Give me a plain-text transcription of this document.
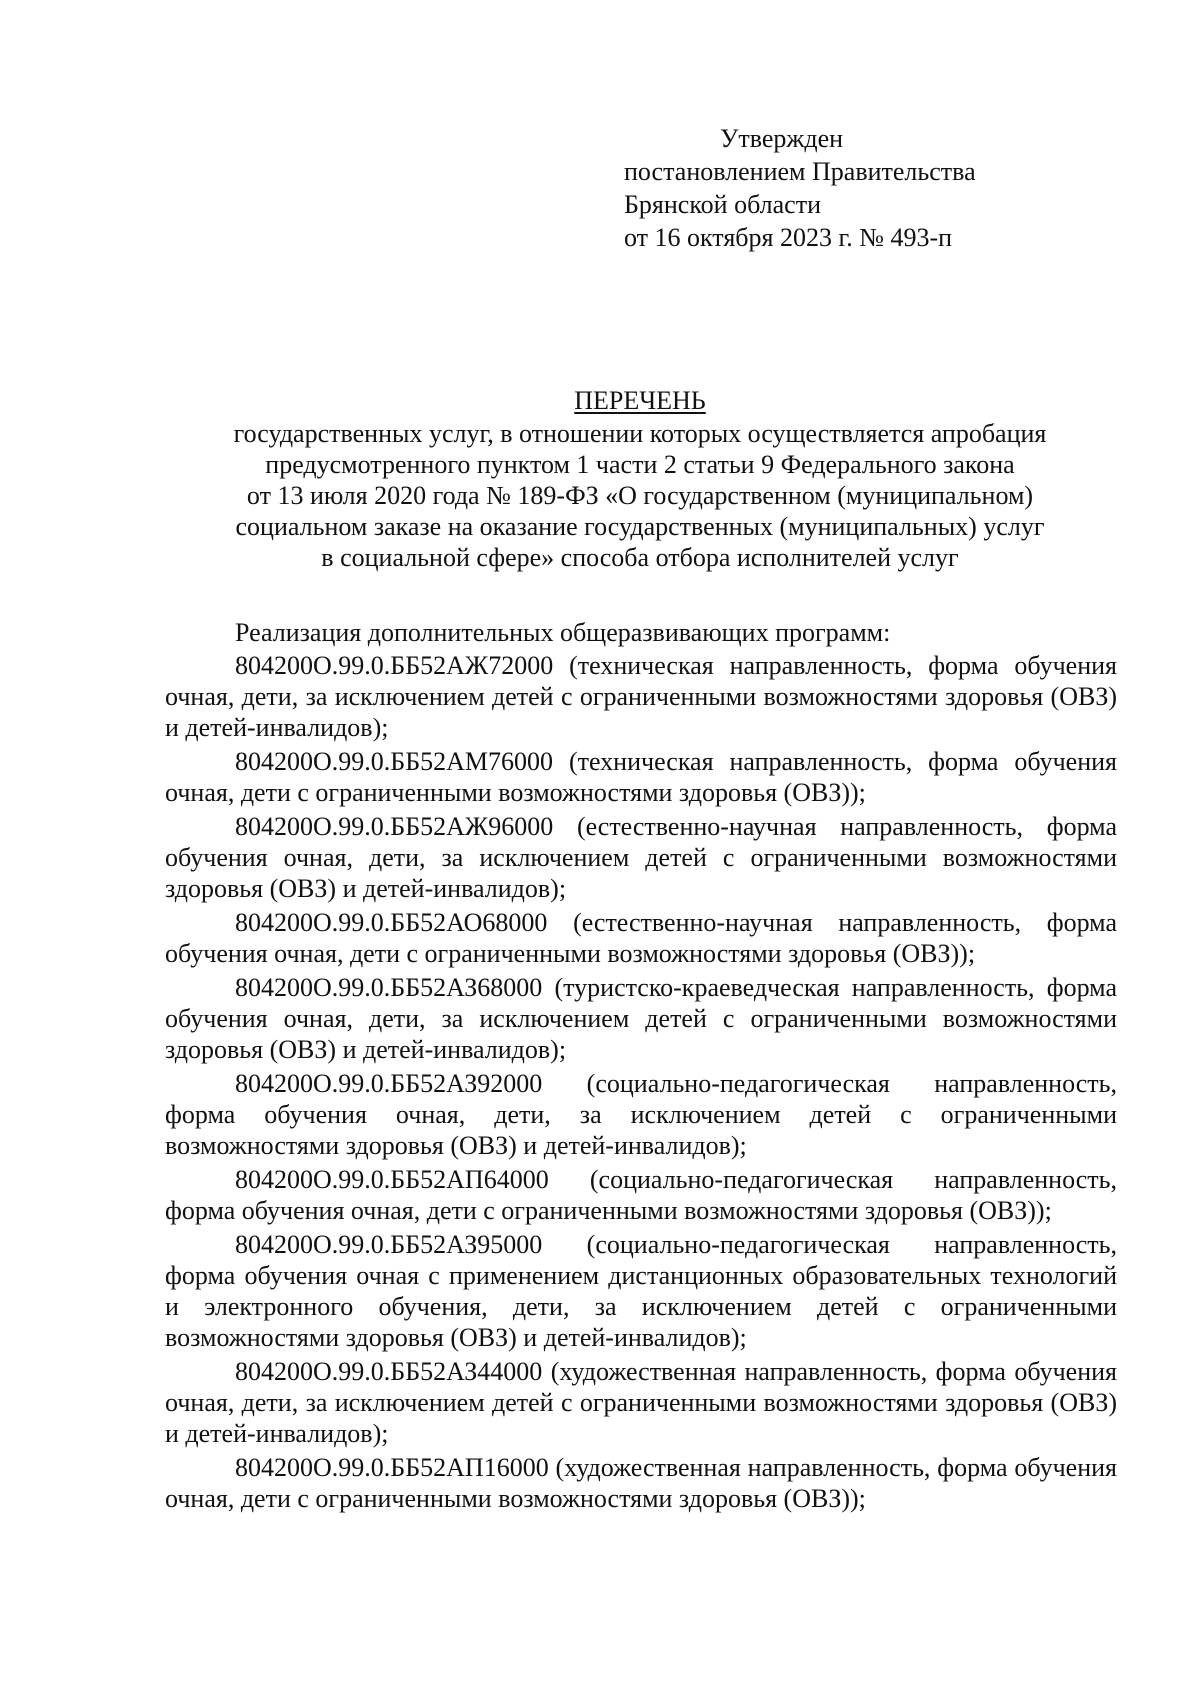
Утвержден
постановлением Правительства
Брянской области
от 16 октября 2023 г. № 493-п
ПЕРЕЧЕНЬ
государственных услуг, в отношении которых осуществляется апробация
предусмотренного пунктом 1 части 2 статьи 9 Федерального закона
от 13 июля 2020 года № 189-ФЗ «О государственном (муниципальном)
социальном заказе на оказание государственных (муниципальных) услуг
в социальной сфере» способа отбора исполнителей услуг

Реализация дополнительных общеразвивающих программ:

804200О.99.0.ББ52АЖ72000 (техническая направленность, форма обучения очная, дети, за исключением детей с ограниченными возможностями здоровья (ОВЗ) и детей-инвалидов);

804200О.99.0.ББ52АМ76000 (техническая направленность, форма обучения очная, дети с ограниченными возможностями здоровья (ОВЗ));

804200О.99.0.ББ52АЖ96000 (естественно-научная направленность, форма обучения очная, дети, за исключением детей с ограниченными возможностями здоровья (ОВЗ) и детей-инвалидов);

804200О.99.0.ББ52АО68000 (естественно-научная направленность, форма обучения очная, дети с ограниченными возможностями здоровья (ОВЗ));

804200О.99.0.ББ52АЗ68000 (туристско-краеведческая направленность, форма обучения очная, дети, за исключением детей с ограниченными возможностями здоровья (ОВЗ) и детей-инвалидов);

804200О.99.0.ББ52АЗ92000 (социально-педагогическая направленность, форма обучения очная, дети, за исключением детей с ограниченными возможностями здоровья (ОВЗ) и детей-инвалидов);

804200О.99.0.ББ52АП64000 (социально-педагогическая направленность, форма обучения очная, дети с ограниченными возможностями здоровья (ОВЗ));

804200О.99.0.ББ52АЗ95000 (социально-педагогическая направленность, форма обучения очная с применением дистанционных образовательных технологий и электронного обучения, дети, за исключением детей с ограниченными возможностями здоровья (ОВЗ) и детей-инвалидов);

804200О.99.0.ББ52АЗ44000 (художественная направленность, форма обучения очная, дети, за исключением детей с ограниченными возможностями здоровья (ОВЗ) и детей-инвалидов);

804200О.99.0.ББ52АП16000 (художественная направленность, форма обучения очная, дети с ограниченными возможностями здоровья (ОВЗ));
